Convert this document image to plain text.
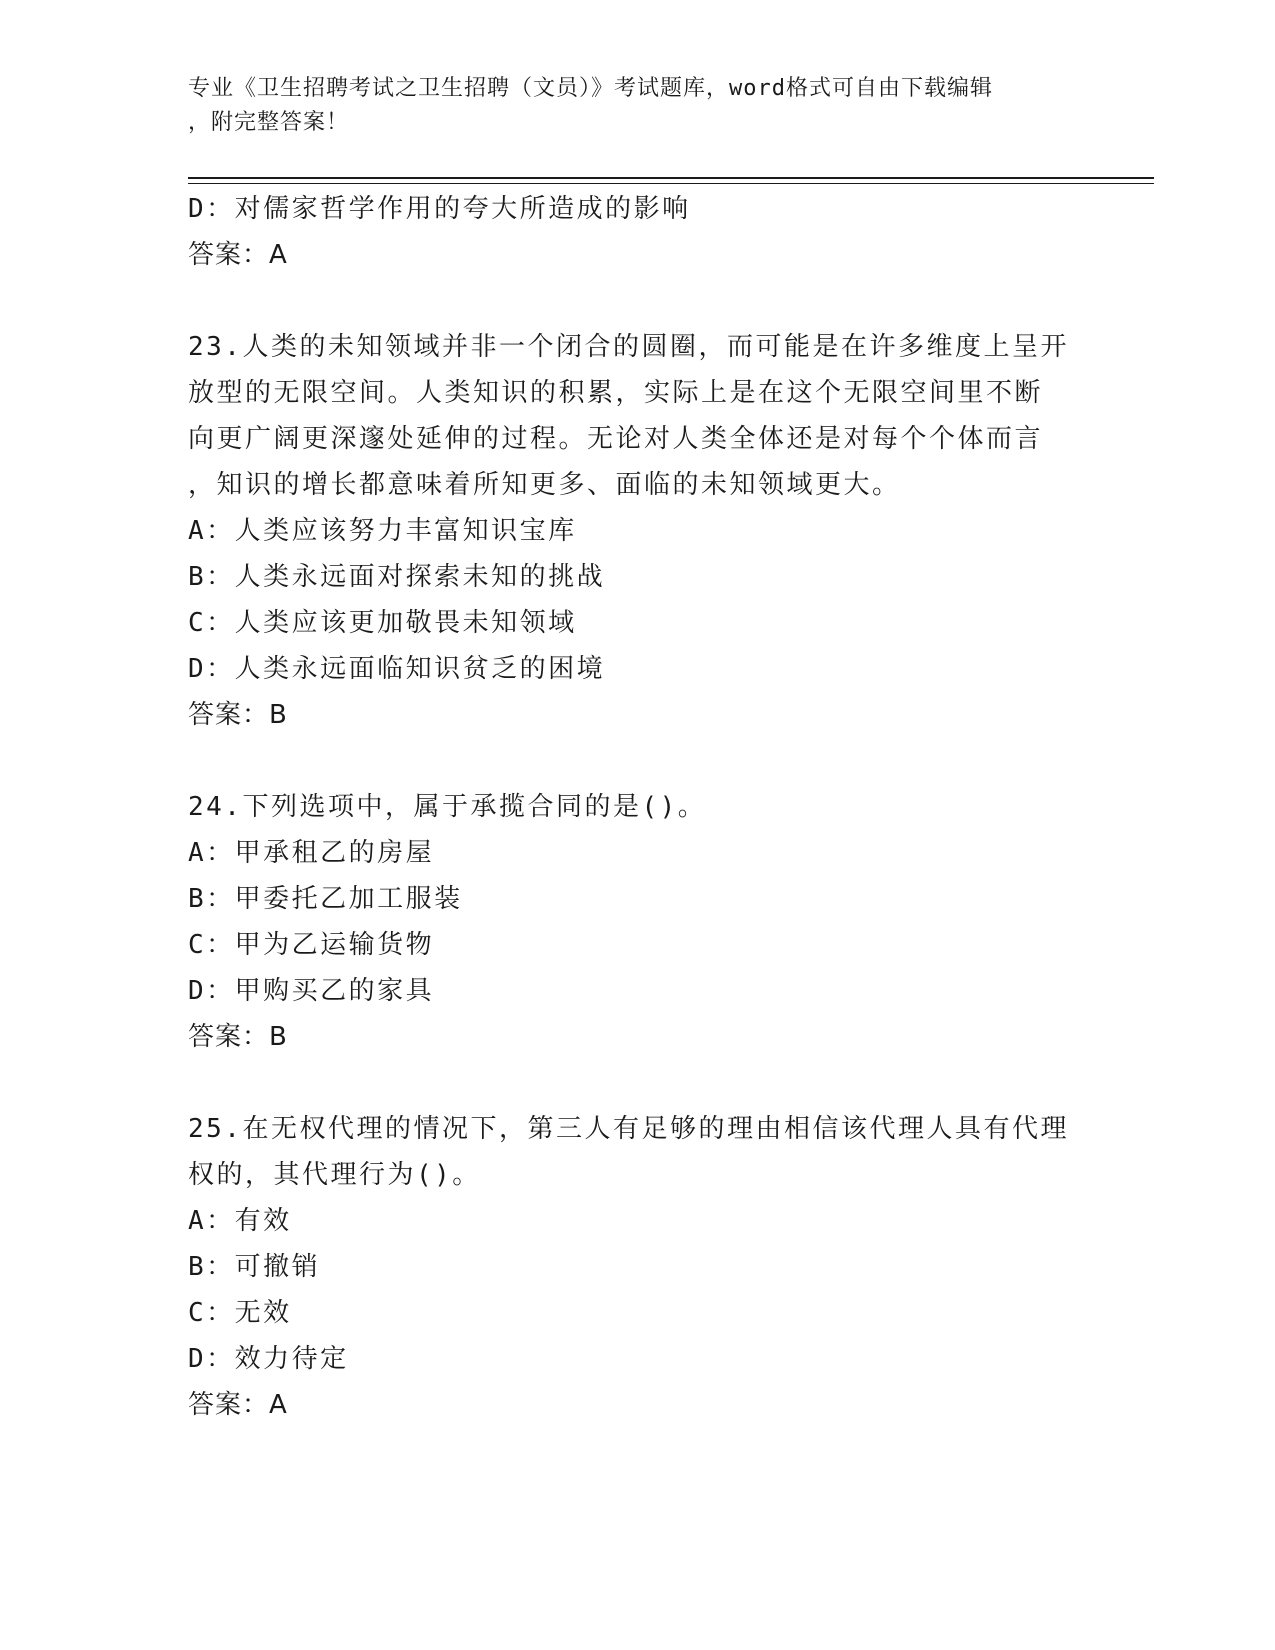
专业《卫生招聘考试之卫生招聘（文员）》考试题库，word格式可自由下载编辑

，附完整答案！

D：对儒家哲学作用的夸大所造成的影响

答案：A

23.人类的未知领域并非一个闭合的圆圈，而可能是在许多维度上呈开

放型的无限空间。人类知识的积累，实际上是在这个无限空间里不断

向更广阔更深邃处延伸的过程。无论对人类全体还是对每个个体而言

，知识的增长都意味着所知更多、面临的未知领域更大。

A：人类应该努力丰富知识宝库

B：人类永远面对探索未知的挑战

C：人类应该更加敬畏未知领域

D：人类永远面临知识贫乏的困境

答案：B

24.下列选项中，属于承揽合同的是()。

A：甲承租乙的房屋

B：甲委托乙加工服装

C：甲为乙运输货物

D：甲购买乙的家具

答案：B

25.在无权代理的情况下，第三人有足够的理由相信该代理人具有代理

权的，其代理行为()。

A：有效

B：可撤销

C：无效

D：效力待定

答案：A
